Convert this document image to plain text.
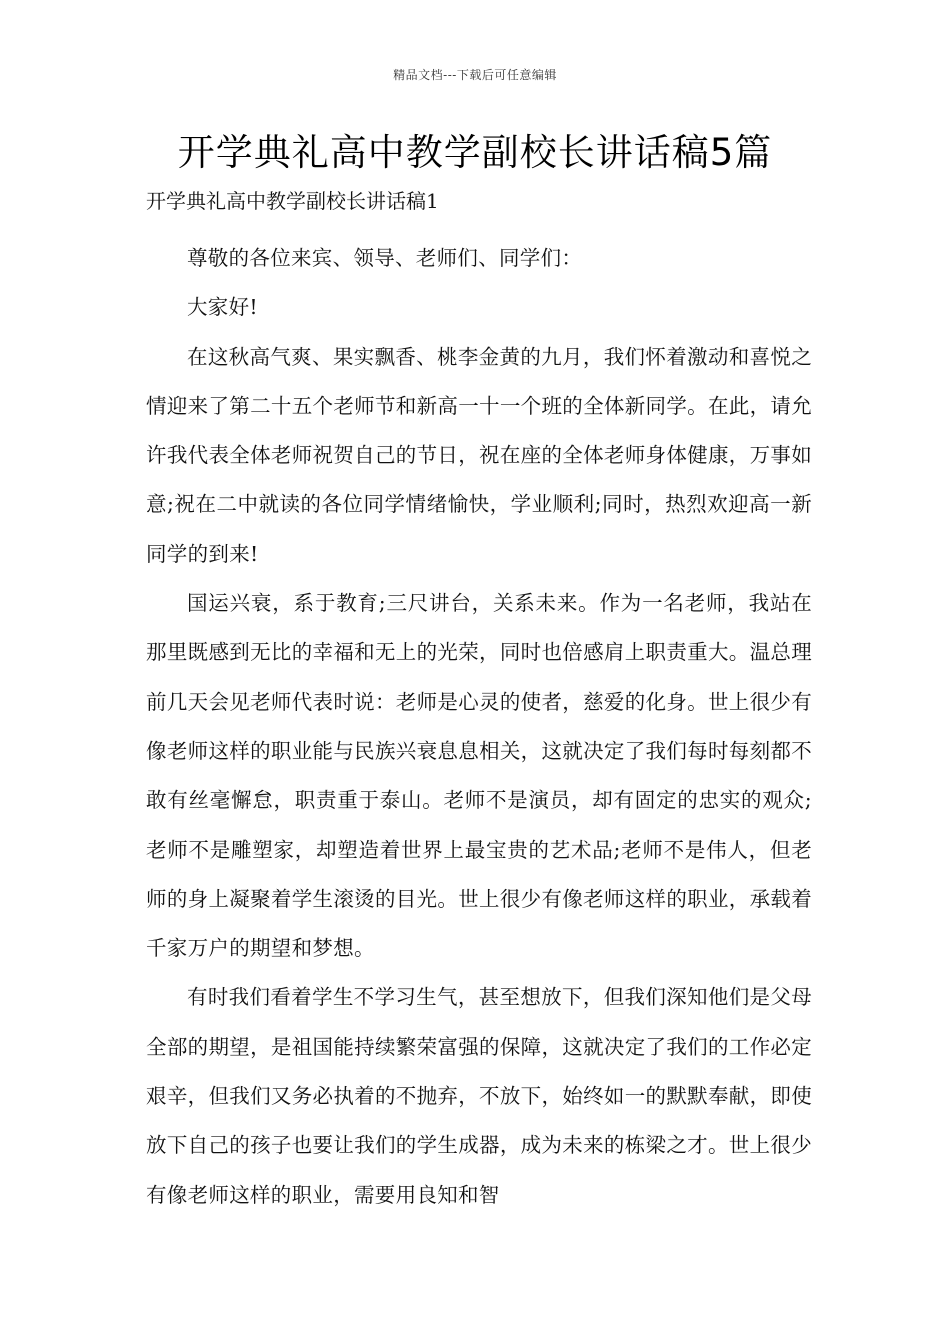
精品文档---下载后可任意编辑
开学典礼高中教学副校长讲话稿5篇
开学典礼高中教学副校长讲话稿1

尊敬的各位来宾、领导、老师们、同学们：

大家好!

在这秋高气爽、果实飘香、桃李金黄的九月，我们怀着激动和喜悦之情迎来了第二十五个老师节和新高一十一个班的全体新同学。在此，请允许我代表全体老师祝贺自己的节日，祝在座的全体老师身体健康，万事如意;祝在二中就读的各位同学情绪愉快，学业顺利;同时，热烈欢迎高一新同学的到来!

国运兴衰，系于教育;三尺讲台，关系未来。作为一名老师，我站在那里既感到无比的幸福和无上的光荣，同时也倍感肩上职责重大。温总理前几天会见老师代表时说：老师是心灵的使者，慈爱的化身。世上很少有像老师这样的职业能与民族兴衰息息相关，这就决定了我们每时每刻都不敢有丝毫懈怠，职责重于泰山。老师不是演员，却有固定的忠实的观众;老师不是雕塑家，却塑造着世界上最宝贵的艺术品;老师不是伟人，但老师的身上凝聚着学生滚烫的目光。世上很少有像老师这样的职业，承载着千家万户的期望和梦想。

有时我们看着学生不学习生气，甚至想放下，但我们深知他们是父母全部的期望，是祖国能持续繁荣富强的保障，这就决定了我们的工作必定艰辛，但我们又务必执着的不抛弃，不放下，始终如一的默默奉献，即使放下自己的孩子也要让我们的学生成器，成为未来的栋梁之才。世上很少有像老师这样的职业，需要用良知和智
